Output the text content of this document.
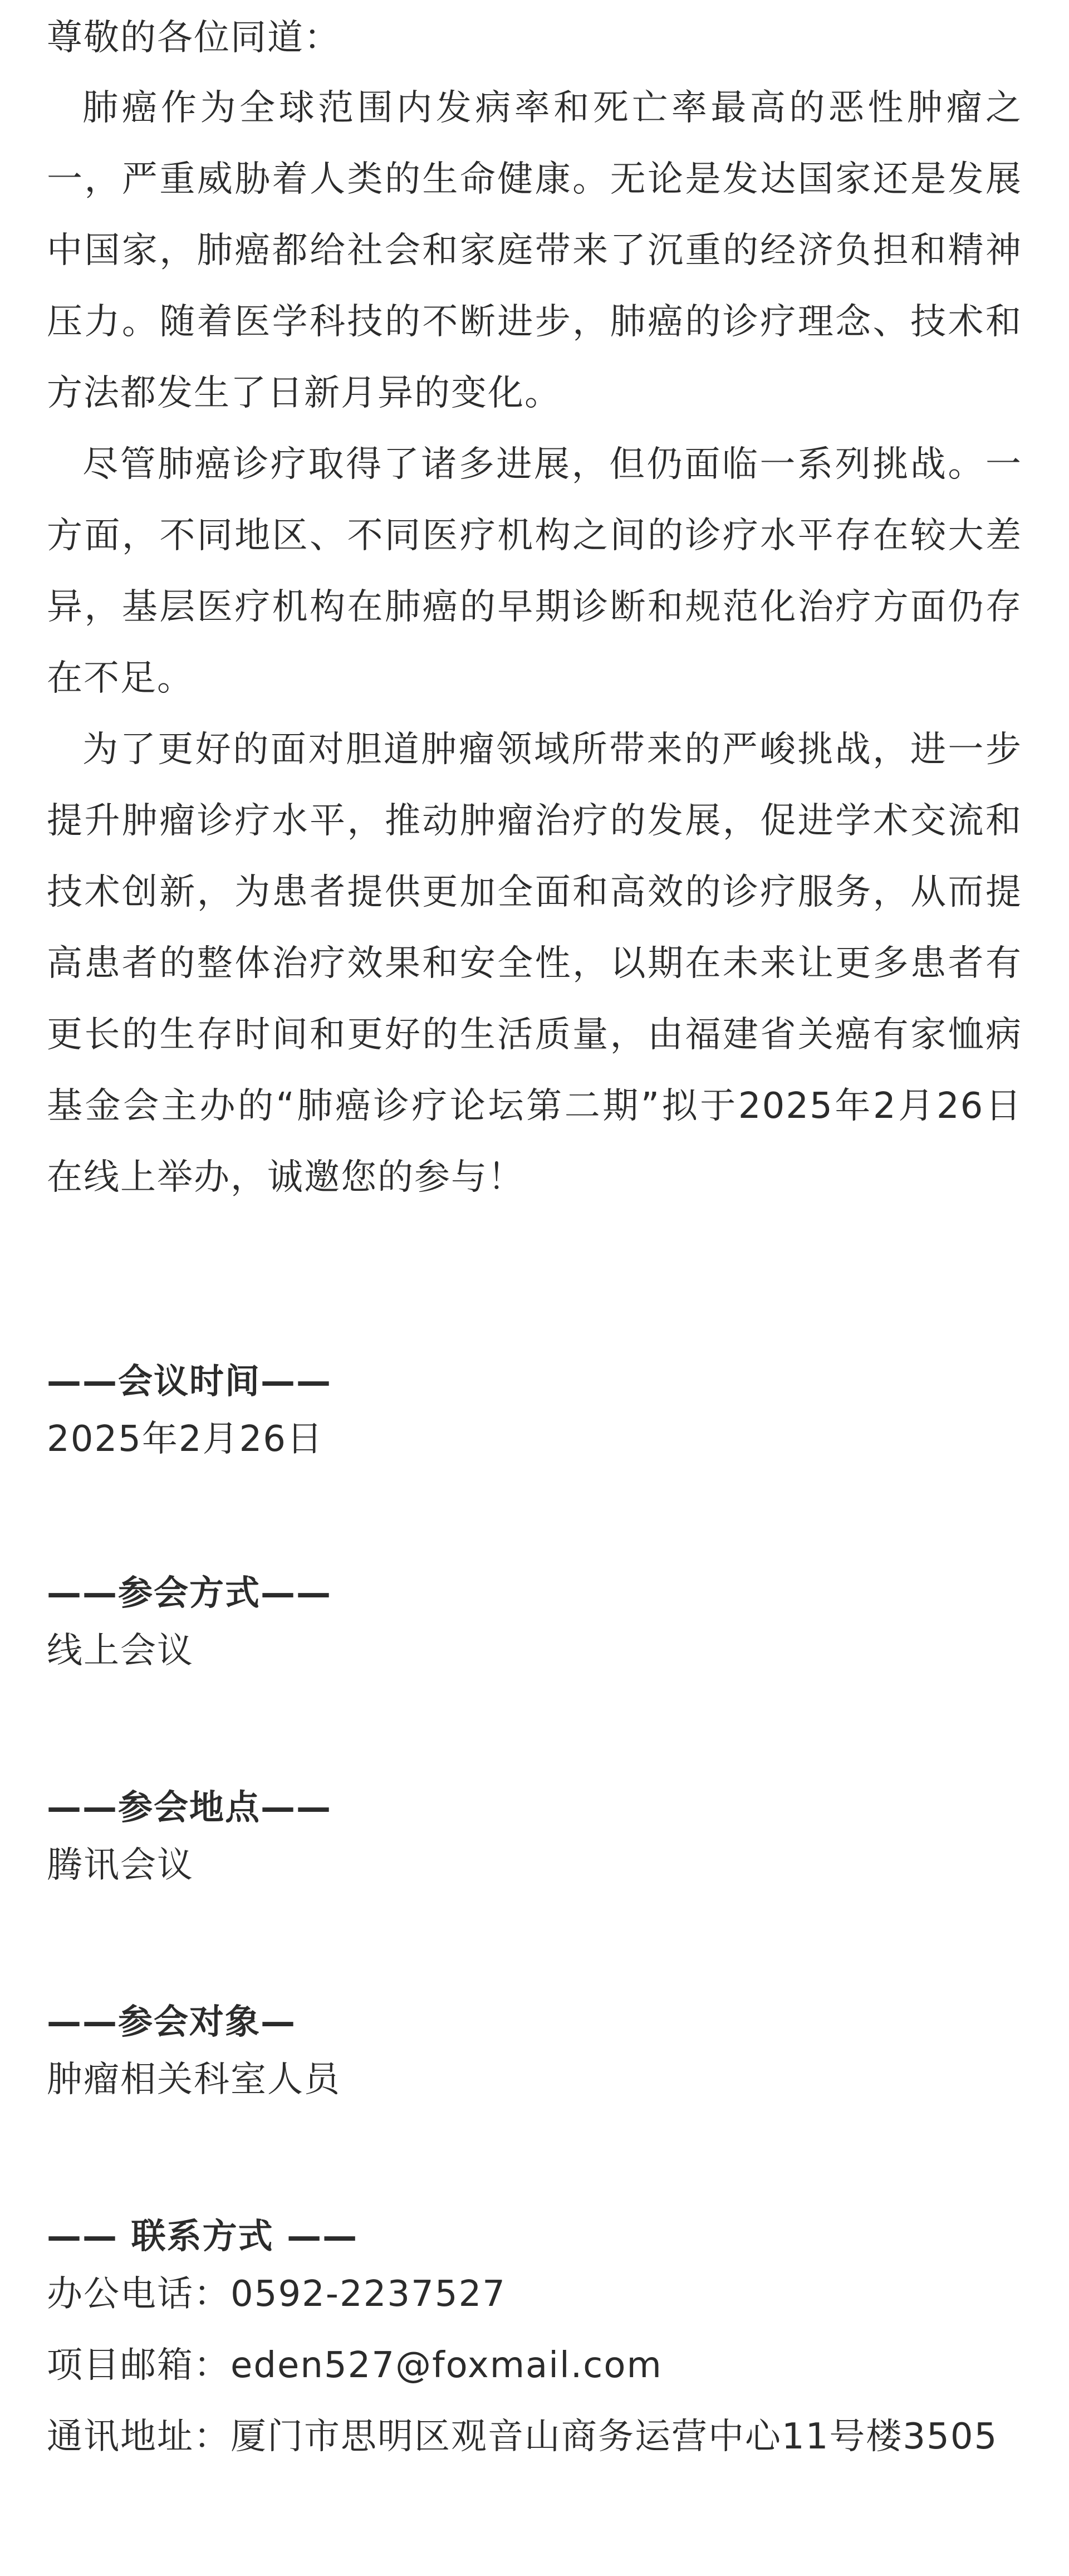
尊敬的各位同道：

肺癌作为全球范围内发病率和死亡率最高的恶性肿瘤之一，严重威胁着人类的生命健康。无论是发达国家还是发展中国家，肺癌都给社会和家庭带来了沉重的经济负担和精神压力。随着医学科技的不断进步，肺癌的诊疗理念、技术和方法都发生了日新月异的变化。

尽管肺癌诊疗取得了诸多进展，但仍面临一系列挑战。一方面，不同地区、不同医疗机构之间的诊疗水平存在较大差异，基层医疗机构在肺癌的早期诊断和规范化治疗方面仍存在不足。

为了更好的面对胆道肿瘤领域所带来的严峻挑战，进一步提升肿瘤诊疗水平，推动肿瘤治疗的发展，促进学术交流和技术创新，为患者提供更加全面和高效的诊疗服务，从而提高患者的整体治疗效果和安全性，以期在未来让更多患者有更长的生存时间和更好的生活质量，由福建省关癌有家恤病基金会主办的“肺癌诊疗论坛第二期”拟于2025年2月26日在线上举办，诚邀您的参与！

——会议时间——

2025年2月26日

——参会方式——

线上会议

——参会地点——

腾讯会议

——参会对象—

肿瘤相关科室人员

—— 联系方式 ——

办公电话：0592-2237527

项目邮箱：eden527@foxmail.com

通讯地址：厦门市思明区观音山商务运营中心11号楼3505
